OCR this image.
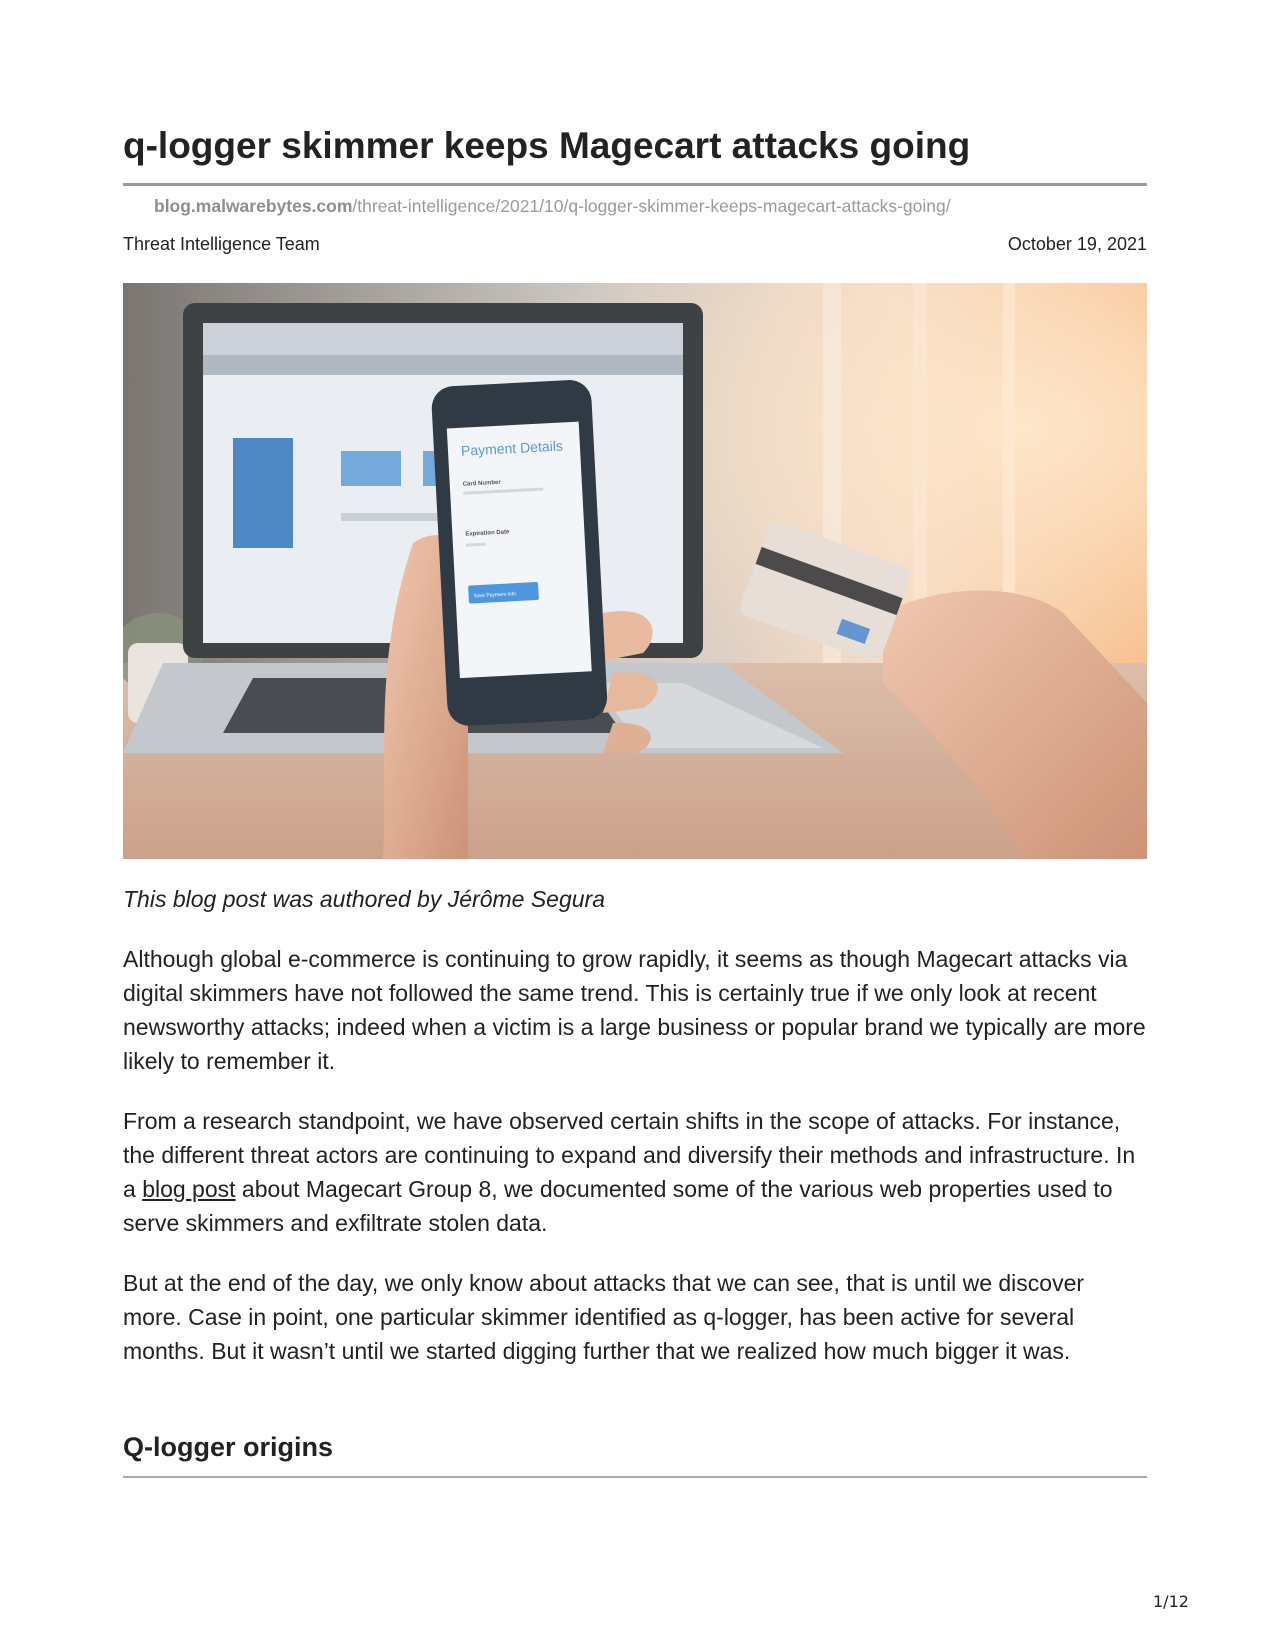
q-logger skimmer keeps Magecart attacks going
blog.malwarebytes.com/threat-intelligence/2021/10/q-logger-skimmer-keeps-magecart-attacks-going/
Threat Intelligence Team	October 19, 2021
Payment Details
Card Number
Expiration Date
Save Payment Info
This blog post was authored by Jérôme Segura

Although global e-commerce is continuing to grow rapidly, it seems as though Magecart attacks via digital skimmers have not followed the same trend. This is certainly true if we only look at recent newsworthy attacks; indeed when a victim is a large business or popular brand we typically are more likely to remember it.

From a research standpoint, we have observed certain shifts in the scope of attacks. For instance, the different threat actors are continuing to expand and diversify their methods and infrastructure. In a blog post about Magecart Group 8, we documented some of the various web properties used to serve skimmers and exfiltrate stolen data.

But at the end of the day, we only know about attacks that we can see, that is until we discover more. Case in point, one particular skimmer identified as q-logger, has been active for several months. But it wasn’t until we started digging further that we realized how much bigger it was.

Q-logger origins
1/12
